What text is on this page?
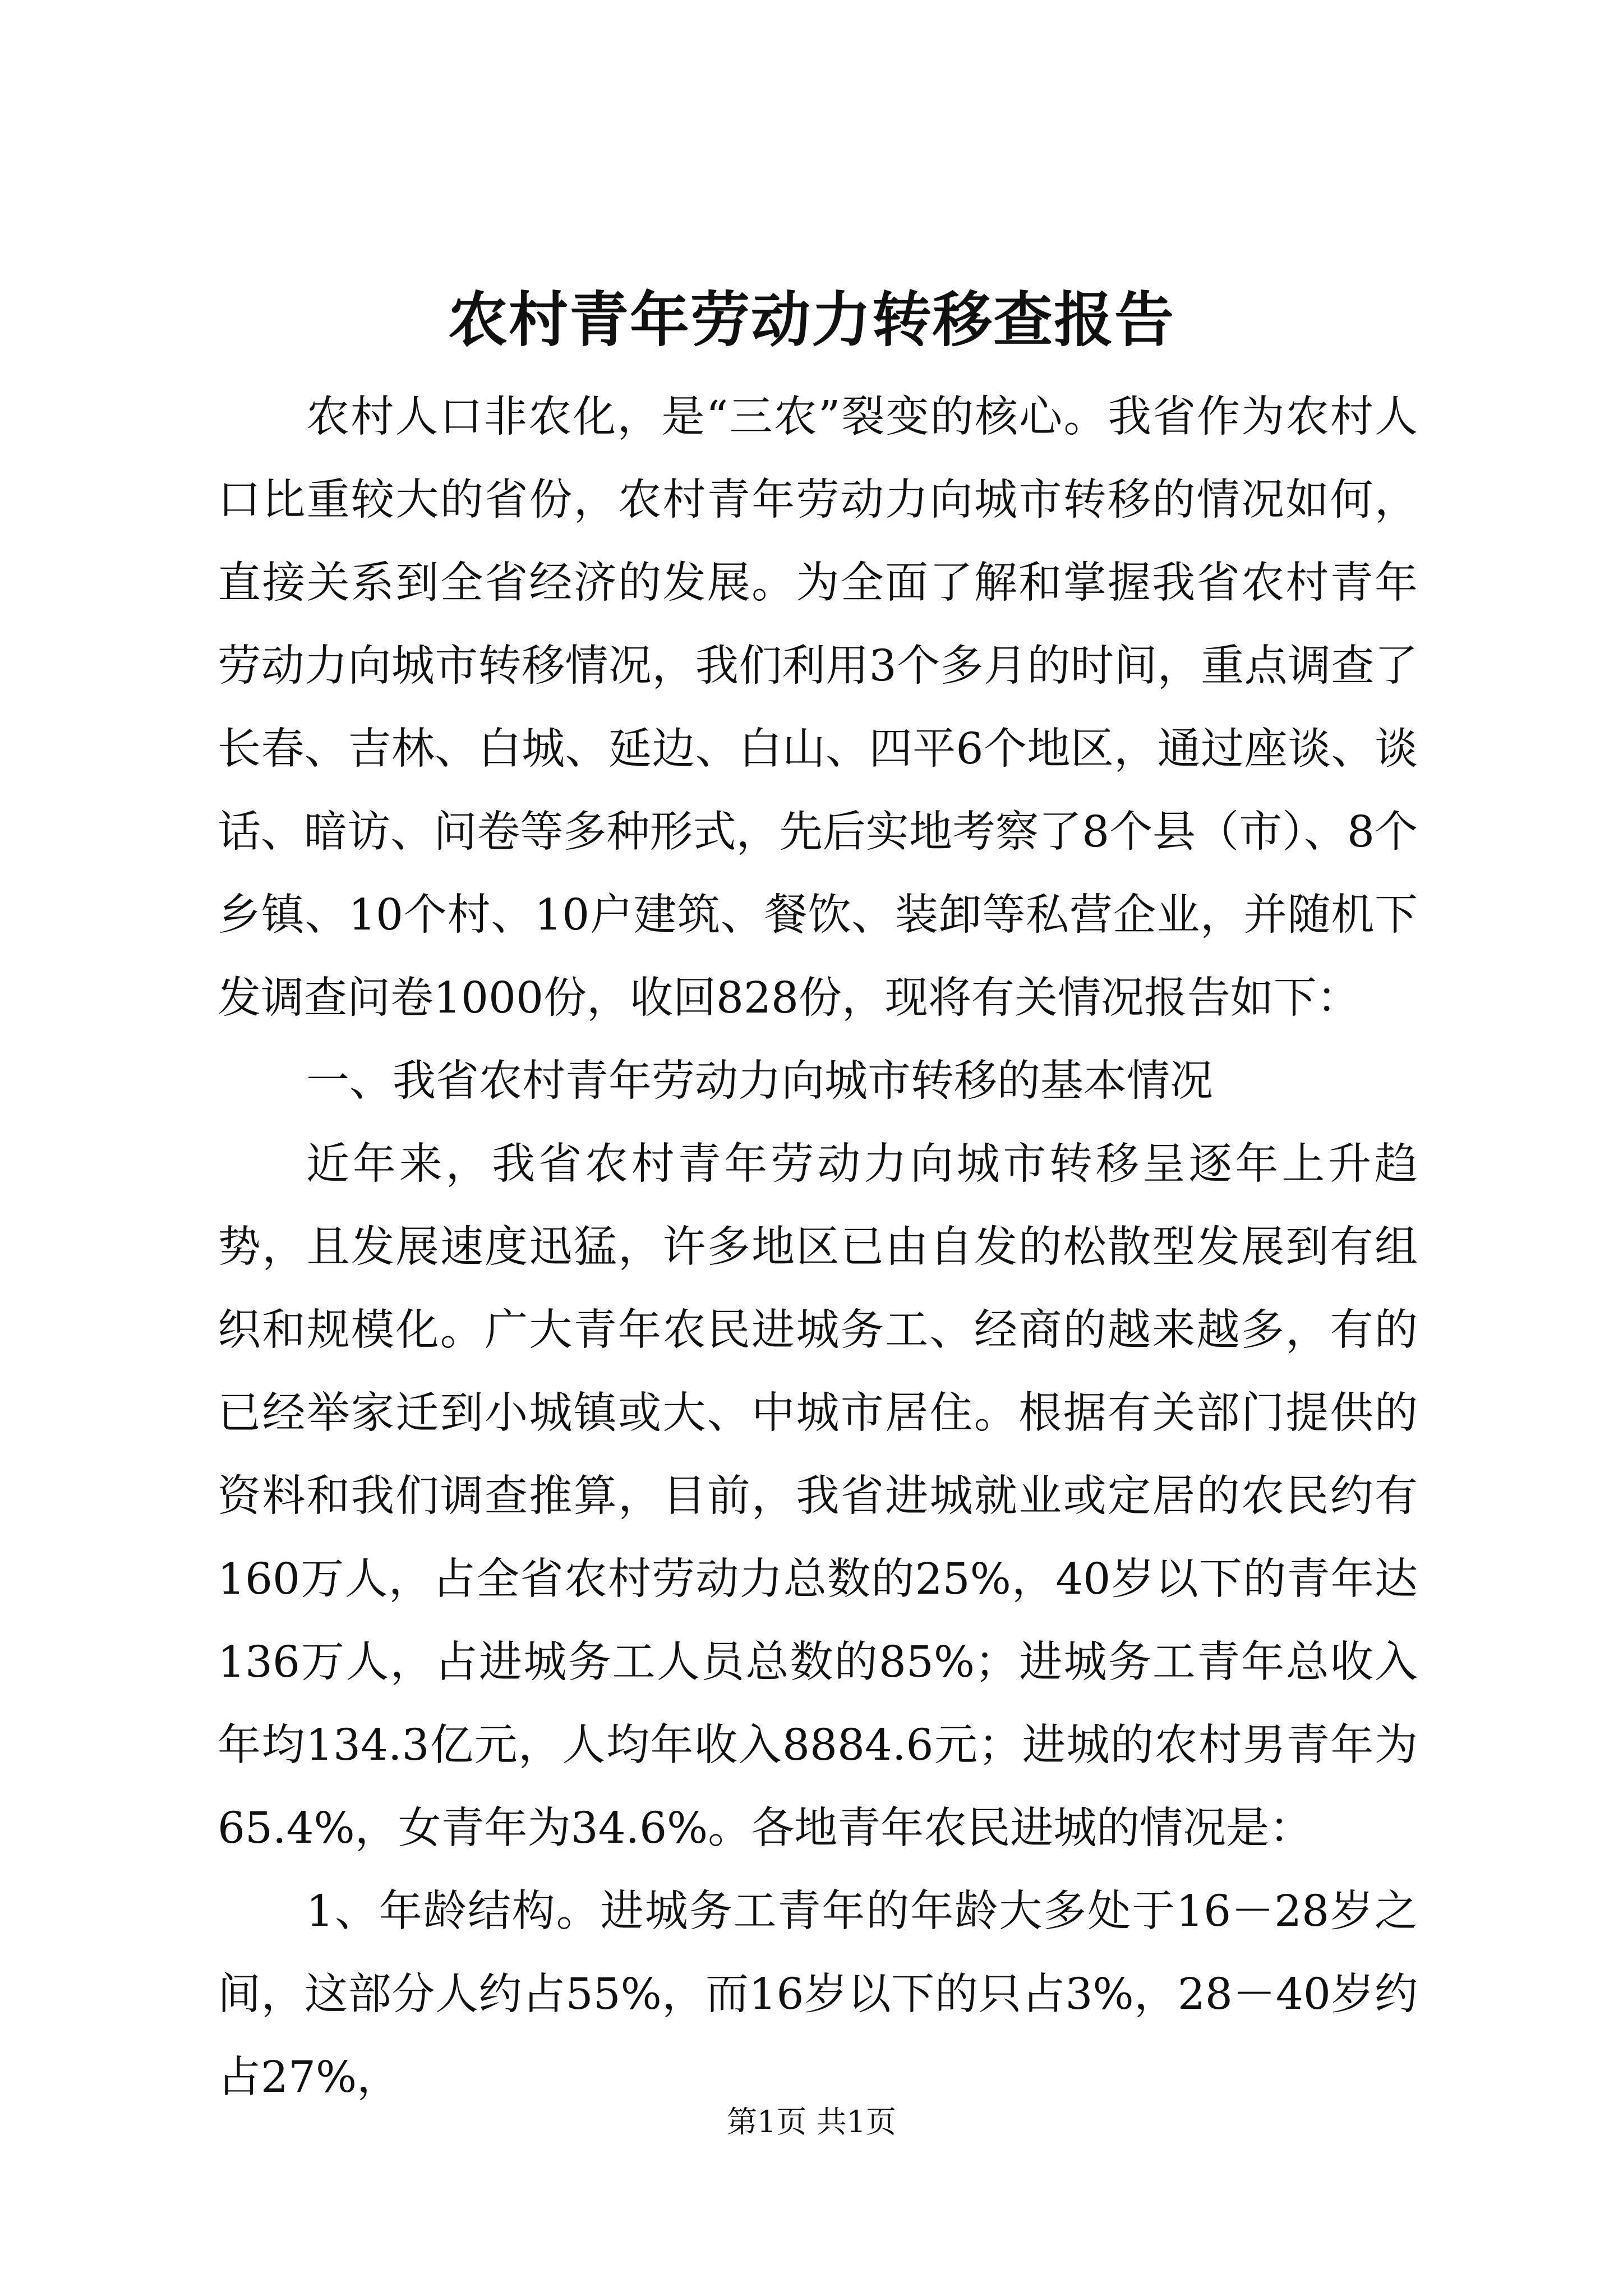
农村青年劳动力转移查报告

农村人口非农化，是“三农”裂变的核心。我省作为农村人口比重较大的省份，农村青年劳动力向城市转移的情况如何，直接关系到全省经济的发展。为全面了解和掌握我省农村青年劳动力向城市转移情况，我们利用3个多月的时间，重点调查了长春、吉林、白城、延边、白山、四平6个地区，通过座谈、谈话、暗访、问卷等多种形式，先后实地考察了8个县（市）、8个乡镇、10个村、10户建筑、餐饮、装卸等私营企业，并随机下发调查问卷1000份，收回828份，现将有关情况报告如下：

一、我省农村青年劳动力向城市转移的基本情况

近年来，我省农村青年劳动力向城市转移呈逐年上升趋势，且发展速度迅猛，许多地区已由自发的松散型发展到有组织和规模化。广大青年农民进城务工、经商的越来越多，有的已经举家迁到小城镇或大、中城市居住。根据有关部门提供的资料和我们调查推算，目前，我省进城就业或定居的农民约有160万人，占全省农村劳动力总数的25%，40岁以下的青年达136万人，占进城务工人员总数的85%；进城务工青年总收入年均134.3亿元，人均年收入8884.6元；进城的农村男青年为65.4%，女青年为34.6%。各地青年农民进城的情况是：

1、年龄结构。进城务工青年的年龄大多处于16－28岁之间，这部分人约占55%，而16岁以下的只占3%，28－40岁约占27%，

第1页 共1页
